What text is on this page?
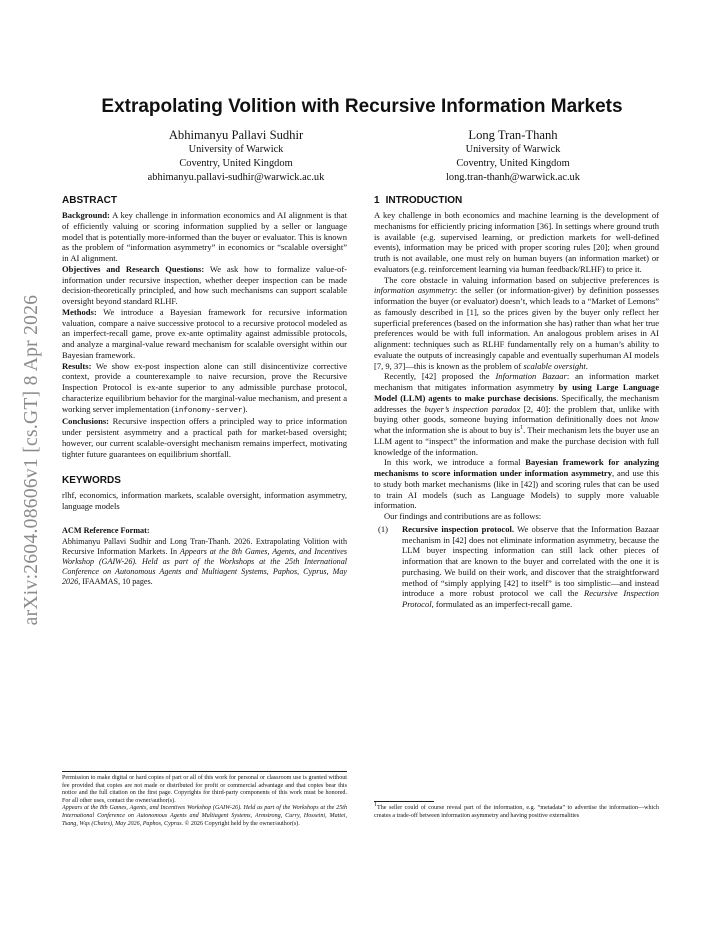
arXiv:2604.08606v1 [cs.GT] 8 Apr 2026
Extrapolating Volition with Recursive Information Markets
Abhimanyu Pallavi Sudhir
University of Warwick
Coventry, United Kingdom
abhimanyu.pallavi-sudhir@warwick.ac.uk
Long Tran-Thanh
University of Warwick
Coventry, United Kingdom
long.tran-thanh@warwick.ac.uk
ABSTRACT

Background: A key challenge in information economics and AI alignment is that of efficiently valuing or scoring information supplied by a seller or language model that is potentially more-informed than the buyer or evaluator. This is known as the problem of “information asymmetry” in economics or “scalable oversight” in AI alignment.

Objectives and Research Questions: We ask how to formalize value-of-information under recursive inspection, whether deeper inspection can be made decision-theoretically principled, and how such mechanisms can support scalable oversight beyond standard RLHF.

Methods: We introduce a Bayesian framework for recursive information valuation, compare a naive successive protocol to a recursive protocol modeled as an imperfect-recall game, prove ex-ante optimality against admissible protocols, and analyze a marginal-value reward mechanism for scalable oversight within our Bayesian framework.

Results: We show ex-post inspection alone can still disincentivize corrective context, provide a counterexample to naive recursion, prove the Recursive Inspection Protocol is ex-ante superior to any admissible purchase protocol, characterize equilibrium behavior for the marginal-value mechanism, and present a working server implementation (infonomy-server).

Conclusions: Recursive inspection offers a principled way to price information under persistent asymmetry and a practical path for market-based oversight; however, our current scalable-oversight mechanism remains imperfect, motivating tighter future guarantees on equilibrium shortfall.

KEYWORDS

rlhf, economics, information markets, scalable oversight, information asymmetry, language models

ACM Reference Format:

Abhimanyu Pallavi Sudhir and Long Tran-Thanh. 2026. Extrapolating Volition with Recursive Information Markets. In Appears at the 8th Games, Agents, and Incentives Workshop (GAIW-26). Held as part of the Workshops at the 25th International Conference on Autonomous Agents and Multiagent Systems, Paphos, Cyprus, May 2026, IFAAMAS, 10 pages.

Permission to make digital or hard copies of part or all of this work for personal or classroom use is granted without fee provided that copies are not made or distributed for profit or commercial advantage and that copies bear this notice and the full citation on the first page. Copyrights for third-party components of this work must be honored. For all other uses, contact the owner/author(s).
Appears at the 8th Games, Agents, and Incentives Workshop (GAIW-26). Held as part of the Workshops at the 25th International Conference on Autonomous Agents and Multiagent Systems, Armstrong, Curry, Hosseini, Mattei, Tsang, Wąs (Chairs), May 2026, Paphos, Cyprus. © 2026 Copyright held by the owner/author(s).
1 INTRODUCTION

A key challenge in both economics and machine learning is the development of mechanisms for efficiently pricing information [36]. In settings where ground truth is available (e.g. supervised learning, or prediction markets for well-defined events), information may be priced with proper scoring rules [20]; when ground truth is not available, one must rely on human buyers (an information market) or evaluators (e.g. reinforcement learning via human feedback/RLHF) to price it.

The core obstacle in valuing information based on subjective preferences is information asymmetry: the seller (or information-giver) by definition possesses information the buyer (or evaluator) doesn’t, which leads to a “Market of Lemons” as famously described in [1], so the prices given by the buyer only reflect her superficial preferences (based on the information she has) rather than what her true preferences would be with full information. An analogous problem arises in AI alignment: techniques such as RLHF fundamentally rely on a human’s ability to evaluate the outputs of increasingly capable and eventually superhuman AI models [7, 9, 37]—this is known as the problem of scalable oversight.

Recently, [42] proposed the Information Bazaar: an information market mechanism that mitigates information asymmetry by using Large Language Model (LLM) agents to make purchase decisions. Specifically, the mechanism addresses the buyer’s inspection paradox [2, 40]: the problem that, unlike with buying other goods, someone buying information definitionally does not know what the information she is about to buy $is^1$. Their mechanism lets the buyer use an LLM agent to “inspect” the information and make the purchase decision with full knowledge of the information.

In this work, we introduce a formal Bayesian framework for analyzing mechanisms to score information under information asymmetry, and use this to study both market mechanisms (like in [42]) and scoring rules that can be used to train AI models (such as Language Models) to supply more valuable information.

Our findings and contributions are as follows:

(1) Recursive inspection protocol. We observe that the Information Bazaar mechanism in [42] does not eliminate information asymmetry, because the LLM buyer inspecting information can still lack other pieces of information that are known to the buyer and correlated with the one it is purchasing. We build on their work, and discover that the straightforward method of “simply applying [42] to itself” is too simplistic—and instead introduce a more robust protocol we call the Recursive Inspection Protocol, formulated as an imperfect-recall game.
$^1$The seller could of course reveal part of the information, e.g. “metadata” to advertise the information—which creates a trade-off between information asymmetry and having positive externalities
